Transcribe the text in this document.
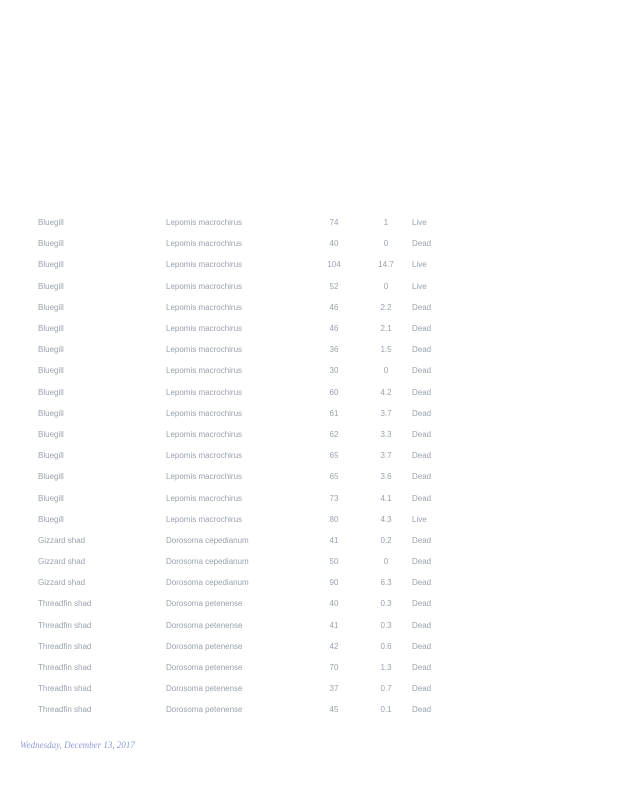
Bluegill	Lepomis macrochirus	74	1	Live
Bluegill	Lepomis macrochirus	40	0	Dead
Bluegill	Lepomis macrochirus	104	14.7	Live
Bluegill	Lepomis macrochirus	52	0	Live
Bluegill	Lepomis macrochirus	46	2.2	Dead
Bluegill	Lepomis macrochirus	46	2.1	Dead
Bluegill	Lepomis macrochirus	36	1.5	Dead
Bluegill	Lepomis macrochirus	30	0	Dead
Bluegill	Lepomis macrochirus	60	4.2	Dead
Bluegill	Lepomis macrochirus	61	3.7	Dead
Bluegill	Lepomis macrochirus	62	3.3	Dead
Bluegill	Lepomis macrochirus	65	3.7	Dead
Bluegill	Lepomis macrochirus	65	3.6	Dead
Bluegill	Lepomis macrochirus	73	4.1	Dead
Bluegill	Lepomis macrochirus	80	4.3	Live
Gizzard shad	Dorosoma cepedianum	41	0.2	Dead
Gizzard shad	Dorosoma cepedianum	50	0	Dead
Gizzard shad	Dorosoma cepedianum	90	6.3	Dead
Threadfin shad	Dorosoma petenense	40	0.3	Dead
Threadfin shad	Dorosoma petenense	41	0.3	Dead
Threadfin shad	Dorosoma petenense	42	0.6	Dead
Threadfin shad	Dorosoma petenense	70	1.3	Dead
Threadfin shad	Dorosoma petenense	37	0.7	Dead
Threadfin shad	Dorosoma petenense	45	0.1	Dead
Wednesday, December 13, 2017
